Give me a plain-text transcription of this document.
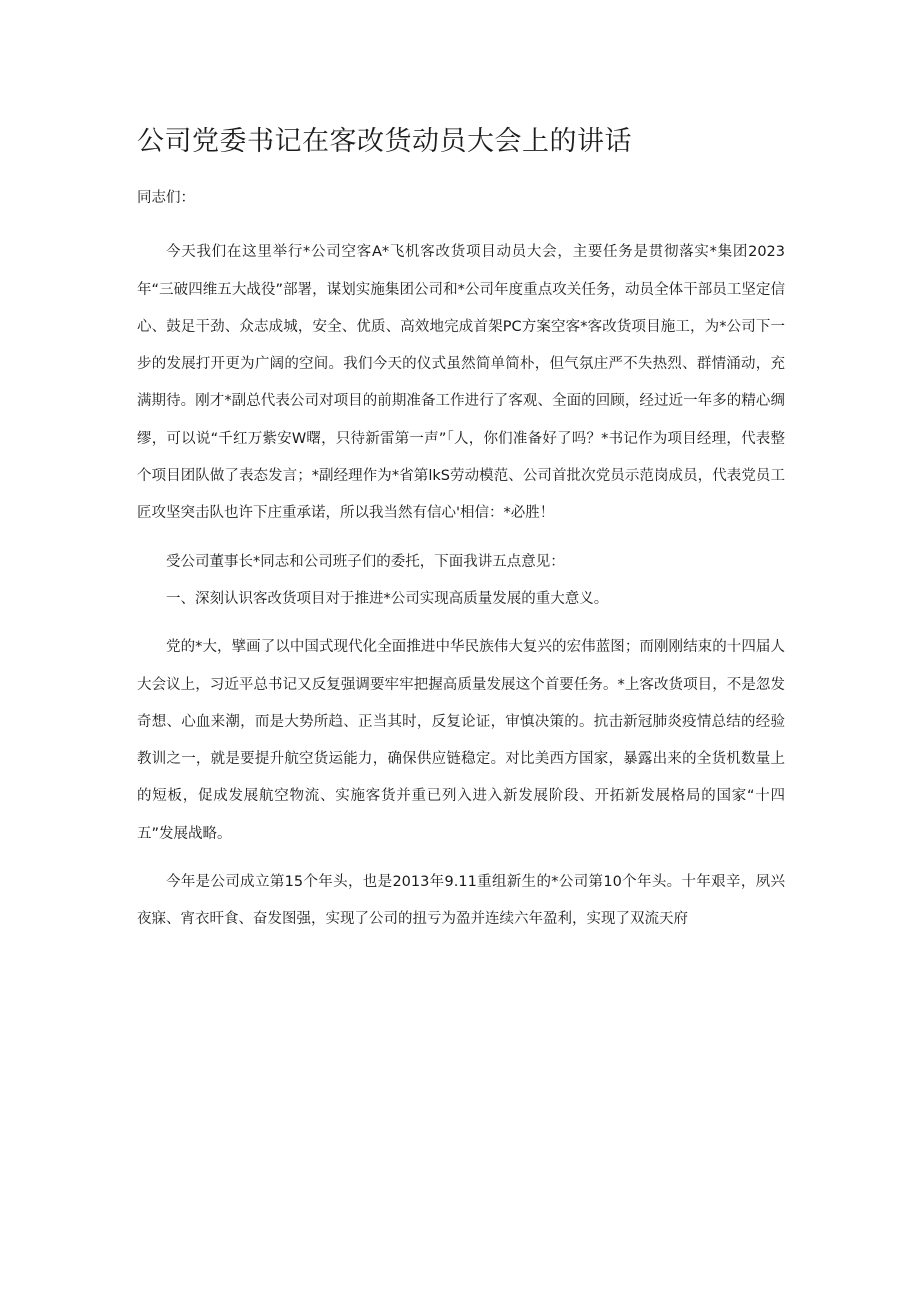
公司党委书记在客改货动员大会上的讲话

同志们：

今天我们在这里举行*公司空客A*飞机客改货项目动员大会，主要任务是贯彻落实*集团2023年“三破四维五大战役”部署，谋划实施集团公司和*公司年度重点攻关任务，动员全体干部员工坚定信心、鼓足干劲、众志成城，安全、优质、高效地完成首架PC方案空客*客改货项目施工，为*公司下一步的发展打开更为广阔的空间。我们今天的仪式虽然简单简朴，但气氛庄严不失热烈、群情涌动，充满期待。刚才*副总代表公司对项目的前期准备工作进行了客观、全面的回顾，经过近一年多的精心绸缪，可以说“千红万紫安W曙，只待新雷第一声”「人，你们准备好了吗？*书记作为项目经理，代表整个项目团队做了表态发言；*副经理作为*省第lkS劳动模范、公司首批次党员示范岗成员，代表党员工匠攻坚突击队也许下庄重承诺，所以我当然有信心'相信：*必胜！

受公司董事长*同志和公司班子们的委托，下面我讲五点意见：

一、深刻认识客改货项目对于推进*公司实现高质量发展的重大意义。

党的*大，擘画了以中国式现代化全面推进中华民族伟大复兴的宏伟蓝图；而刚刚结束的十四届人大会议上，习近平总书记又反复强调要牢牢把握高质量发展这个首要任务。*上客改货项目，不是忽发奇想、心血来潮，而是大势所趋、正当其时，反复论证，审慎决策的。抗击新冠肺炎疫情总结的经验教训之一，就是要提升航空货运能力，确保供应链稳定。对比美西方国家，暴露出来的全货机数量上的短板，促成发展航空物流、实施客货并重已列入进入新发展阶段、开拓新发展格局的国家“十四五”发展战略。

今年是公司成立第15个年头，也是2013年9.11重组新生的*公司第10个年头。十年艰辛，夙兴夜寐、宵衣旰食、奋发图强，实现了公司的扭亏为盈并连续六年盈利，实现了双流天府
